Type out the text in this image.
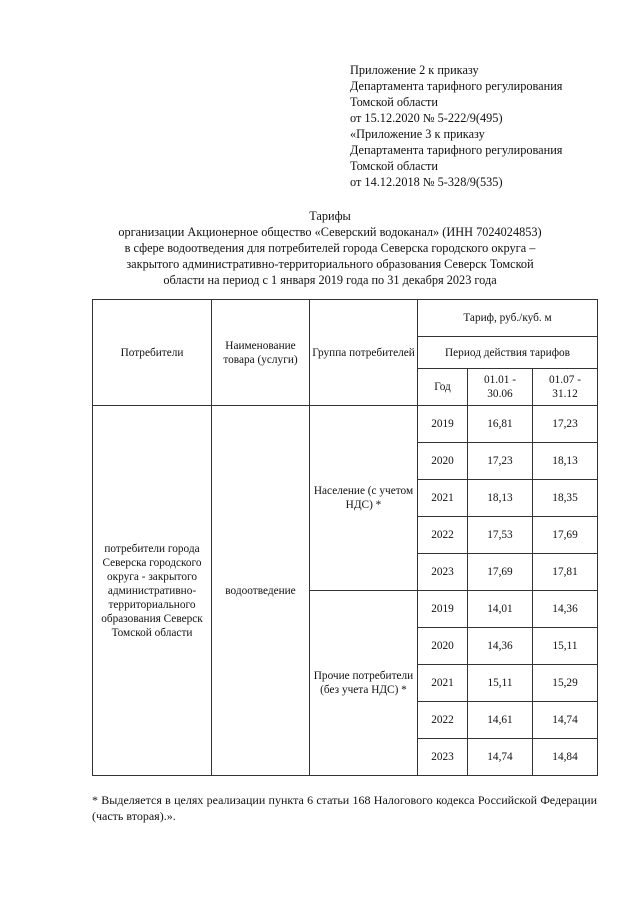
Приложение 2 к приказу
Департамента тарифного регулирования
Томской области
от 15.12.2020 № 5-222/9(495)
«Приложение 3 к приказу
Департамента тарифного регулирования
Томской области
от 14.12.2018 № 5-328/9(535)
Тарифы
организации Акционерное общество «Северский водоканал» (ИНН 7024024853)
в сфере водоотведения для потребителей города Северска городского округа –
закрытого административно-территориального образования Северск Томской
области на период с 1 января 2019 года по 31 декабря 2023 года
Потребители	Наименование товара (услуги)	Группа потребителей	Тариф, руб./куб. м		
			Период действия тарифов		
			Год	01.01 - 30.06	01.07 - 31.12
потребители города Северска городского округа - закрытого административно-территориального образования Северск Томской области	водоотведение	Население (с учетом НДС) *	2019	16,81	17,23
			2020	17,23	18,13
			2021	18,13	18,35
			2022	17,53	17,69
			2023	17,69	17,81
		Прочие потребители (без учета НДС) *	2019	14,01	14,36
			2020	14,36	15,11
			2021	15,11	15,29
			2022	14,61	14,74
			2023	14,74	14,84
* Выделяется в целях реализации пункта 6 статьи 168 Налогового кодекса Российской Федерации (часть вторая).».
